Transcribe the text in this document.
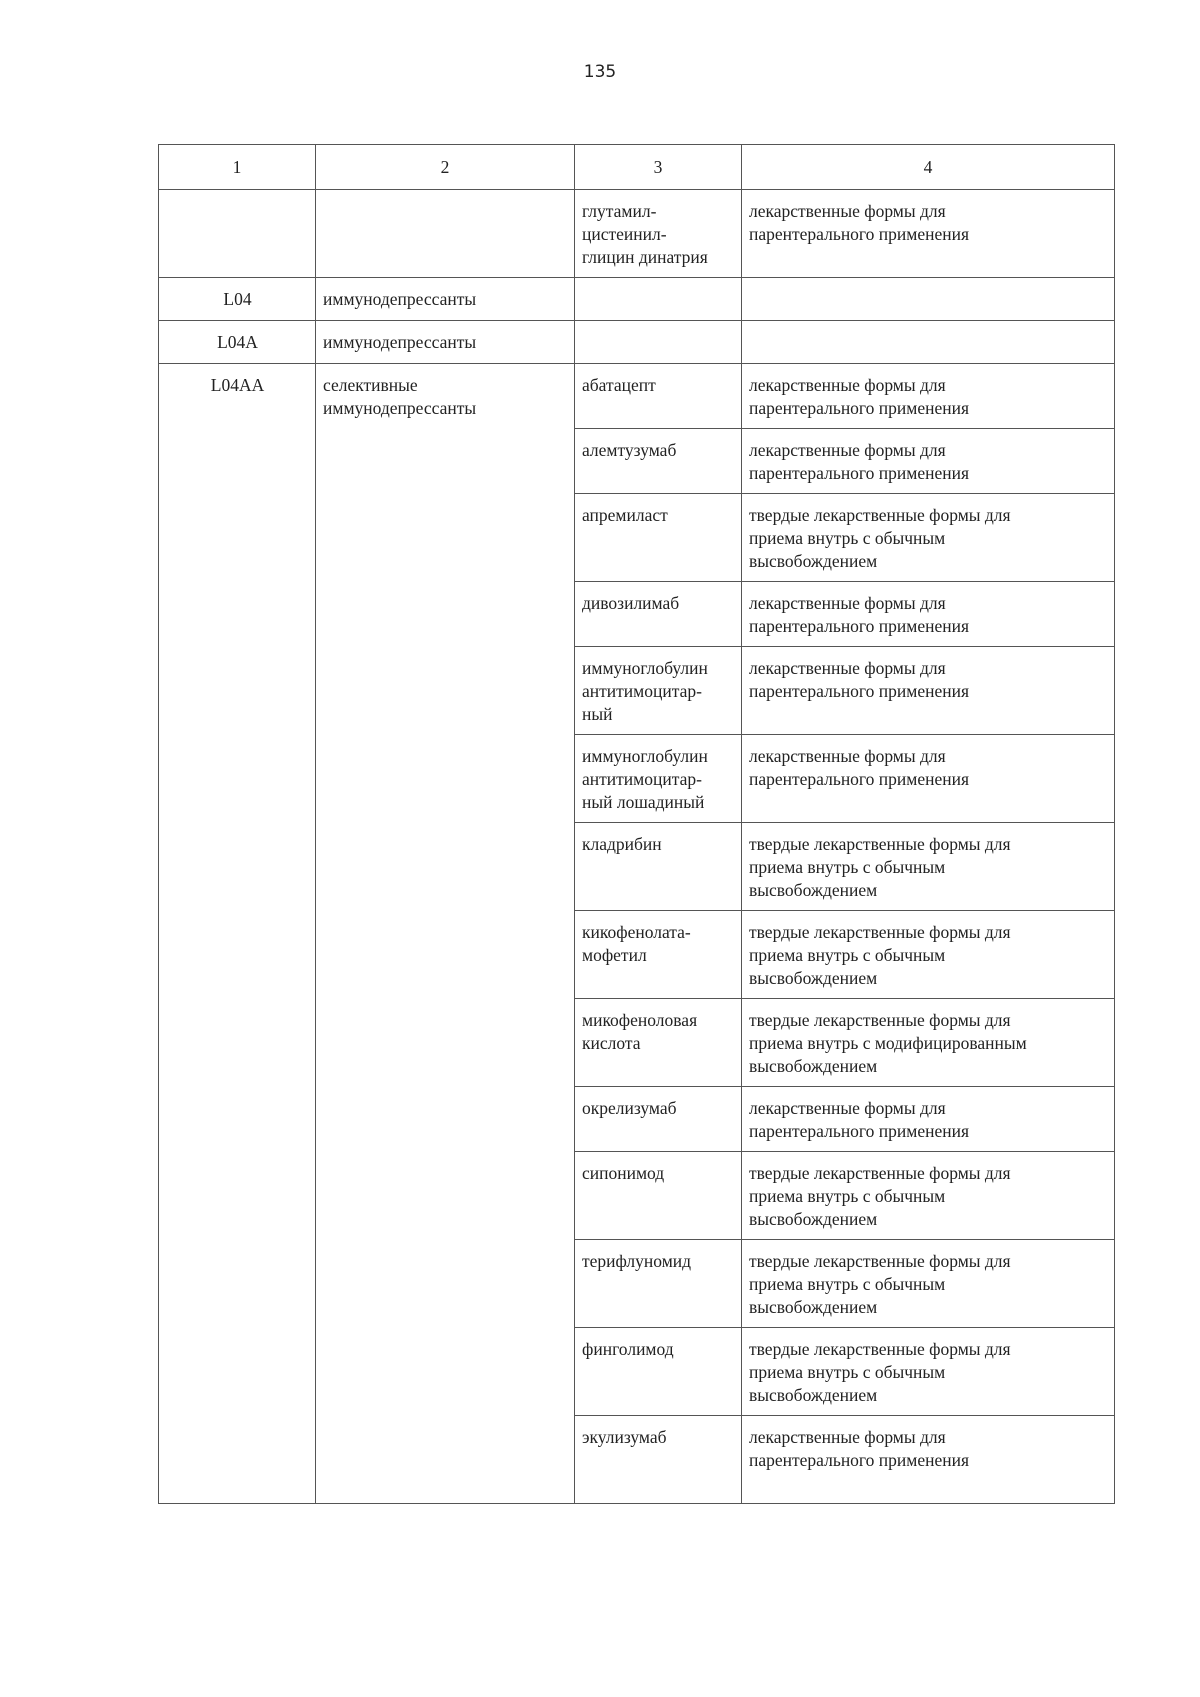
135
1	2	3	4
		глутамил-
цистеинил-
глицин динатрия	лекарственные формы для
парентерального применения
L04	иммунодепрессанты		
L04A	иммунодепрессанты		
L04AA	селективные
иммунодепрессанты	абатацепт	лекарственные формы для
парентерального применения
		алемтузумаб	лекарственные формы для
парентерального применения
		апремиласт	твердые лекарственные формы для
приема внутрь с обычным
высвобождением
		дивозилимаб	лекарственные формы для
парентерального применения
		иммуноглобулин
антитимоцитар-
ный	лекарственные формы для
парентерального применения
		иммуноглобулин
антитимоцитар-
ный лошадиный	лекарственные формы для
парентерального применения
		кладрибин	твердые лекарственные формы для
приема внутрь с обычным
высвобождением
		кикофенолата-
мофетил	твердые лекарственные формы для
приема внутрь с обычным
высвобождением
		микофеноловая
кислота	твердые лекарственные формы для
приема внутрь с модифицированным
высвобождением
		окрелизумаб	лекарственные формы для
парентерального применения
		сипонимод	твердые лекарственные формы для
приема внутрь с обычным
высвобождением
		терифлуномид	твердые лекарственные формы для
приема внутрь с обычным
высвобождением
		финголимод	твердые лекарственные формы для
приема внутрь с обычным
высвобождением
		экулизумаб	лекарственные формы для
парентерального применения
